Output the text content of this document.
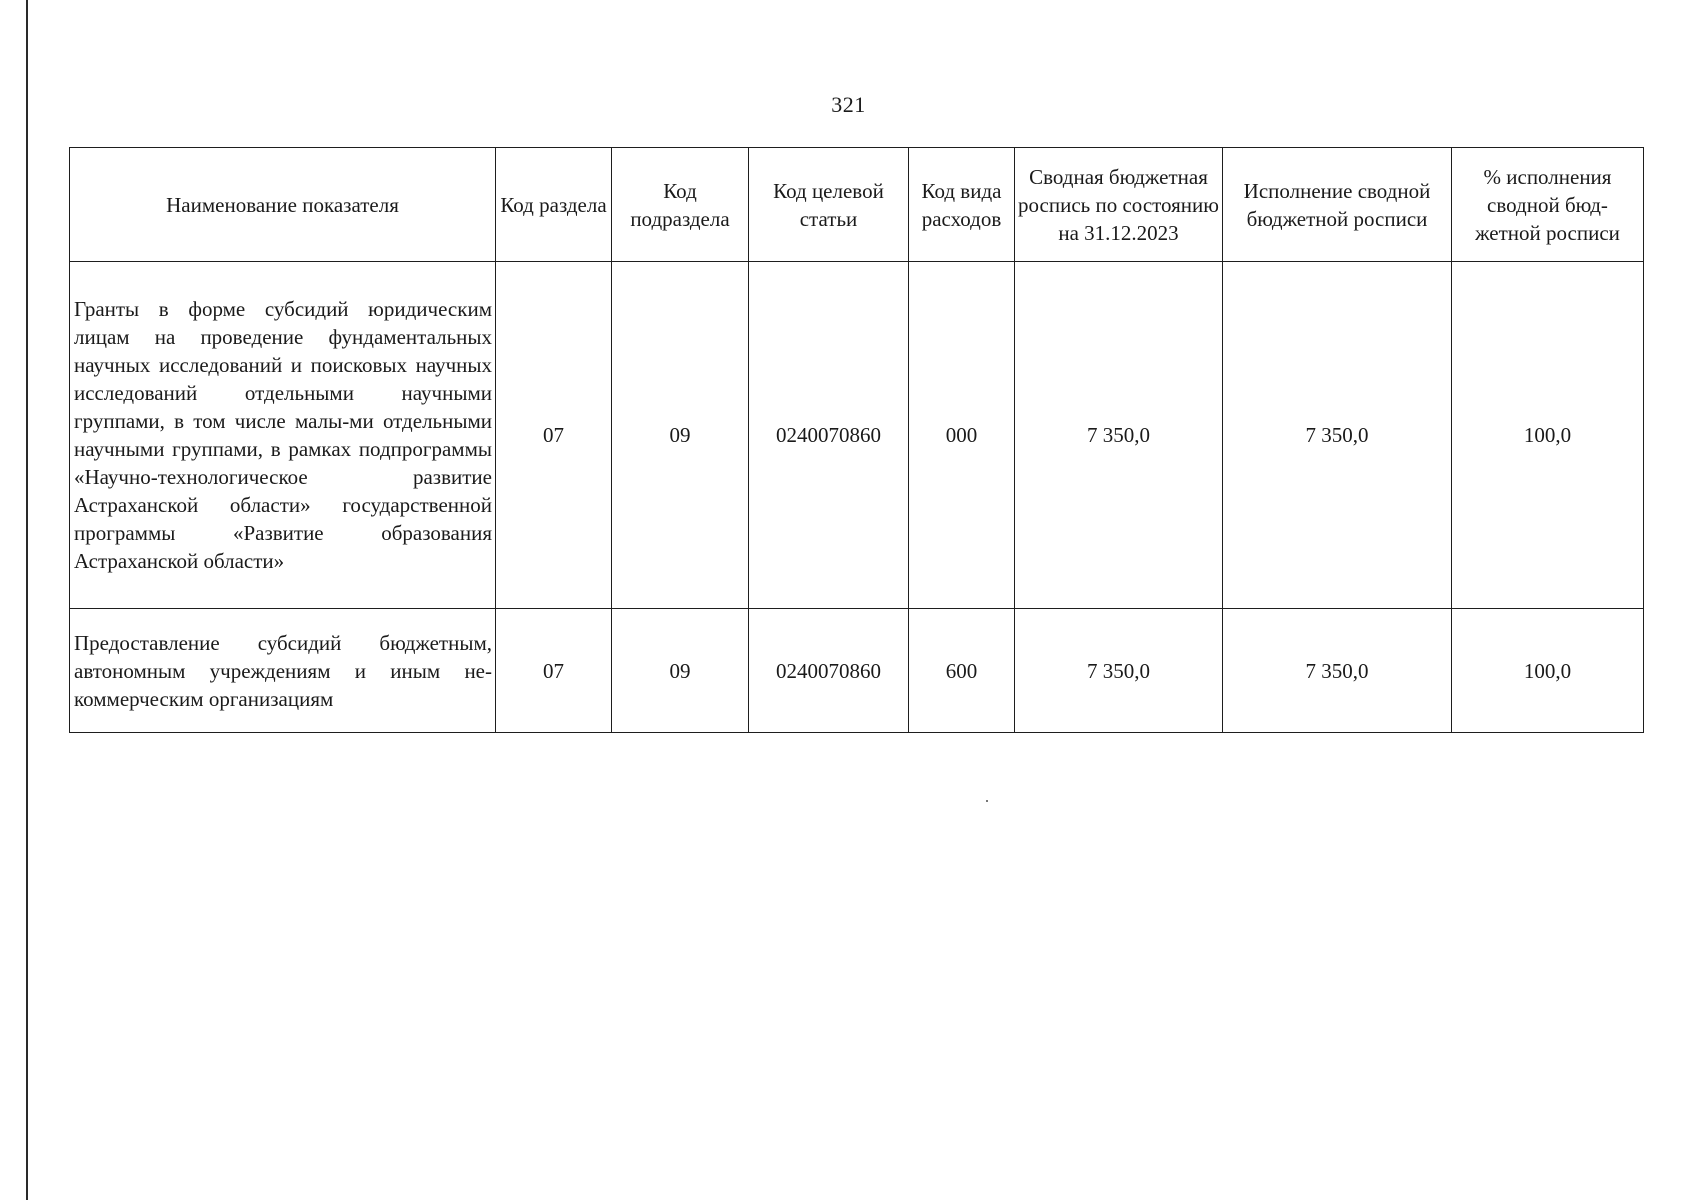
321
Наименование показателя	Код раздела	Код подраздела	Код целевой статьи	Код вида расходов	Сводная бюджетная роспись по состоянию на 31.12.2023	Исполнение сводной бюджетной росписи	% исполнения сводной бюд-жетной росписи
Гранты в форме субсидий юридическим лицам на проведение фундаментальных научных исследований и поисковых научных исследований отдельными научными группами, в том числе малы-ми отдельными научными группами, в рамках подпрограммы «Научно-технологическое развитие Астраханской области» государственной программы «Развитие образования Астраханской области»	07	09	0240070860	000	7 350,0	7 350,0	100,0
Предоставление субсидий бюджетным, автономным учреждениям и иным не-коммерческим организациям	07	09	0240070860	600	7 350,0	7 350,0	100,0
